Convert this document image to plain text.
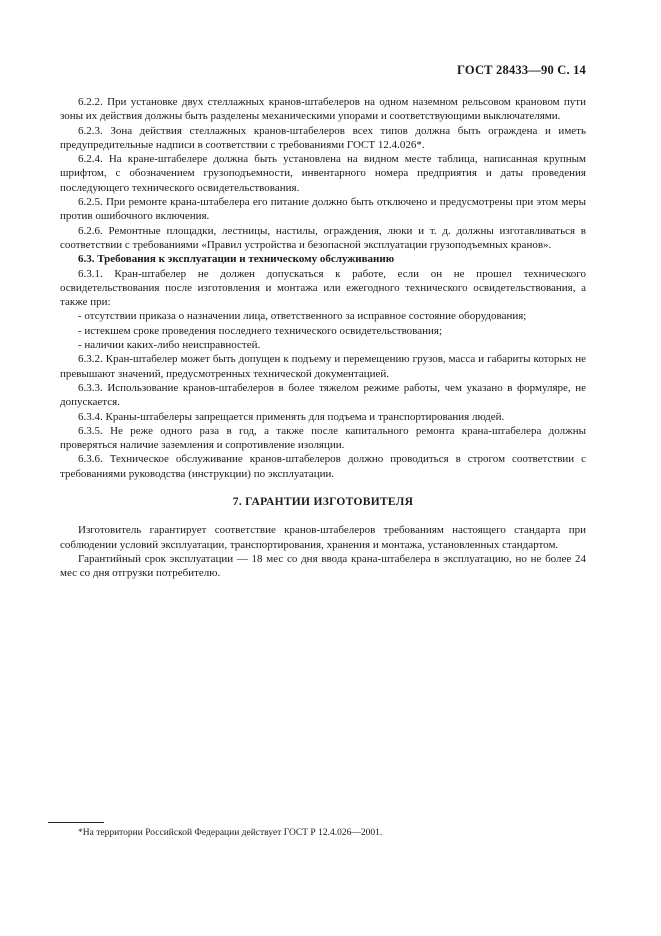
ГОСТ 28433—90 С. 14

6.2.2. При установке двух стеллажных кранов-штабелеров на одном наземном рельсовом крановом пути зоны их действия должны быть разделены механическими упорами и соответствующими выключателями.

6.2.3. Зона действия стеллажных кранов-штабелеров всех типов должна быть ограждена и иметь предупредительные надписи в соответствии с требованиями ГОСТ 12.4.026*.

6.2.4. На кране-штабелере должна быть установлена на видном месте таблица, написанная крупным шрифтом, с обозначением грузоподъемности, инвентарного номера предприятия и даты проведения последующего технического освидетельствования.

6.2.5. При ремонте крана-штабелера его питание должно быть отключено и предусмотрены при этом меры против ошибочного включения.

6.2.6. Ремонтные площадки, лестницы, настилы, ограждения, люки и т. д. должны изготавливаться в соответствии с требованиями «Правил устройства и безопасной эксплуатации грузоподъемных кранов».

6.3. Требования к эксплуатации и техническому обслуживанию

6.3.1. Кран-штабелер не должен допускаться к работе, если он не прошел технического освидетельствования после изготовления и монтажа или ежегодного технического освидетельствования, а также при:

- отсутствии приказа о назначении лица, ответственного за исправное состояние оборудования;

- истекшем сроке проведения последнего технического освидетельствования;

- наличии каких-либо неисправностей.

6.3.2. Кран-штабелер может быть допущен к подъему и перемещению грузов, масса и габариты которых не превышают значений, предусмотренных технической документацией.

6.3.3. Использование кранов-штабелеров в более тяжелом режиме работы, чем указано в формуляре, не допускается.

6.3.4. Краны-штабелеры запрещается применять для подъема и транспортирования людей.

6.3.5. Не реже одного раза в год, а также после капитального ремонта крана-штабелера должны проверяться наличие заземления и сопротивление изоляции.

6.3.6. Техническое обслуживание кранов-штабелеров должно проводиться в строгом соответствии с требованиями руководства (инструкции) по эксплуатации.

7. ГАРАНТИИ ИЗГОТОВИТЕЛЯ

Изготовитель гарантирует соответствие кранов-штабелеров требованиям настоящего стандарта при соблюдении условий эксплуатации, транспортирования, хранения и монтажа, установленных стандартом.

Гарантийный срок эксплуатации — 18 мес со дня ввода крана-штабелера в эксплуатацию, но не более 24 мес со дня отгрузки потребителю.

*На территории Российской Федерации действует ГОСТ Р 12.4.026—2001.
